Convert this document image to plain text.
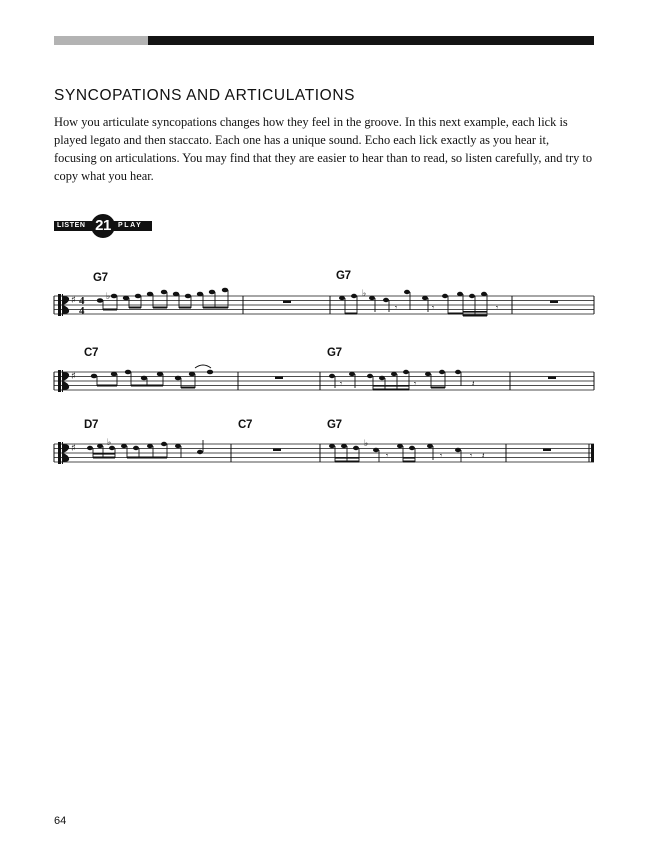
SYNCOPATIONS AND ARTICULATIONS

How you articulate syncopations changes how they feel in the groove. In this next example, each lick is played legato and then staccato. Each one has a unique sound. Echo each lick exactly as you hear it, focusing on articulations. You may find that they are easier to hear than to read, so listen carefully, and try to copy what you hear.

LISTEN	PLAY
21
G7	G7
C7	G7
D7	C7	G7
♯
♯
♯
4
4
♭	♭
𝄾	𝄾	𝄾
𝄾	𝄾	𝄽
♭	♭
𝄾	𝄾	𝄾 𝄽
64
